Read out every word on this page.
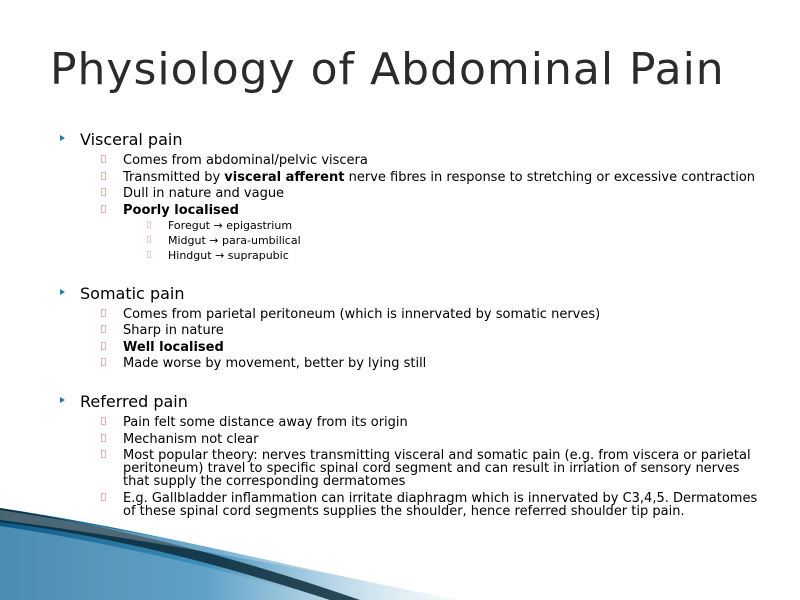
Physiology of Abdominal Pain
Visceral pain
Comes from abdominal/pelvic viscera
Transmitted by visceral afferent nerve fibres in response to stretching or excessive contraction
Dull in nature and vague
Poorly localised
Foregut → epigastrium
Midgut → para-umbilical
Hindgut → suprapubic
Somatic pain
Comes from parietal peritoneum (which is innervated by somatic nerves)
Sharp in nature
Well localised
Made worse by movement, better by lying still
Referred pain
Pain felt some distance away from its origin
Mechanism not clear
Most popular theory: nerves transmitting visceral and somatic pain (e.g. from viscera or parietal peritoneum) travel to specific spinal cord segment and can result in irriation of sensory nerves that supply the corresponding dermatomes
E.g. Gallbladder inflammation can irritate diaphragm which is innervated by C3,4,5. Dermatomes of these spinal cord segments supplies the shoulder, hence referred shoulder tip pain.
